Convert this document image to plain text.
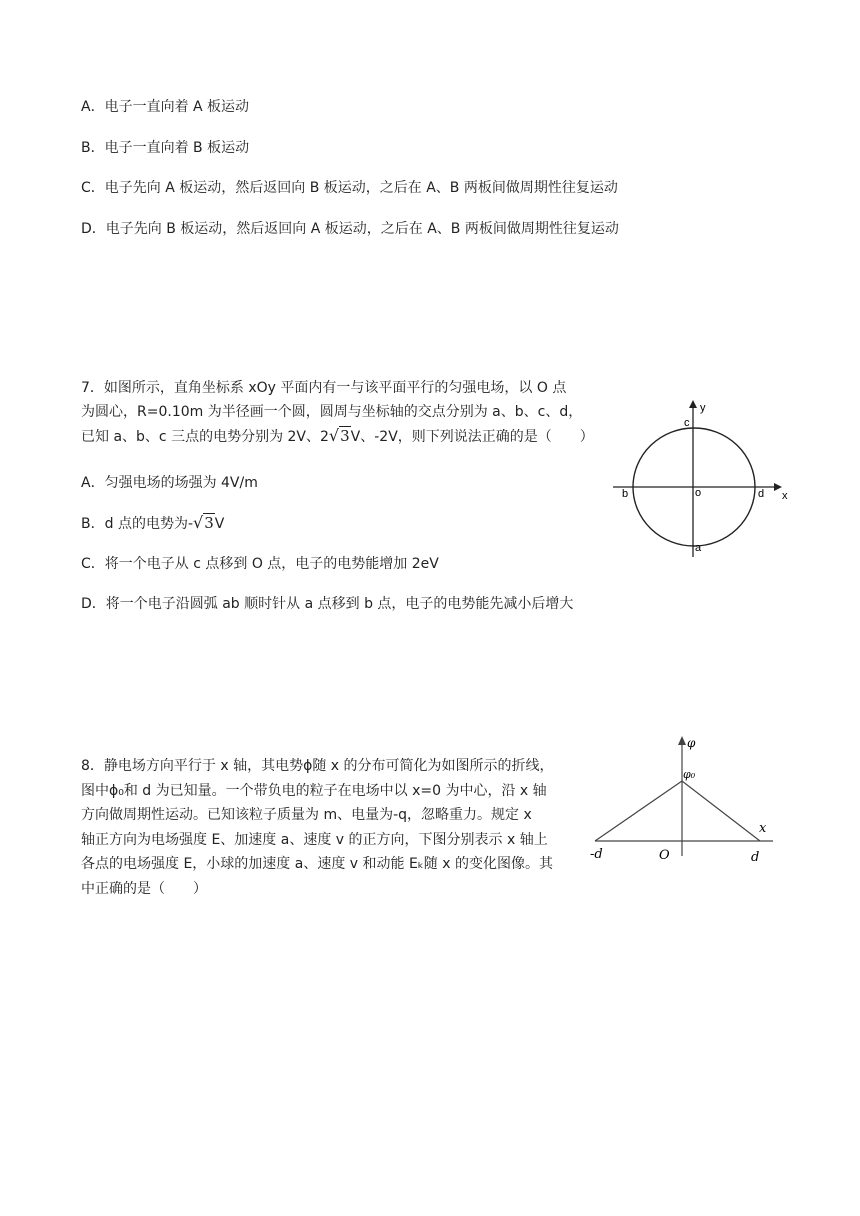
A．电子一直向着 A 板运动
B．电子一直向着 B 板运动
C．电子先向 A 板运动，然后返回向 B 板运动，之后在 A、B 两板间做周期性往复运动
D．电子先向 B 板运动，然后返回向 A 板运动，之后在 A、B 两板间做周期性往复运动

7．如图所示，直角坐标系 xOy 平面内有一与该平面平行的匀强电场，以 O 点

为圆心，R=0.10m 为半径画一个圆，圆周与坐标轴的交点分别为 a、b、c、d，

已知 a、b、c 三点的电势分别为 2V、2√3V、-2V，则下列说法正确的是（　　）

A．匀强电场的场强为 4V/m
B．d 点的电势为-√3V
C．将一个电子从 c 点移到 O 点，电子的电势能增加 2eV
D．将一个电子沿圆弧 ab 顺时针从 a 点移到 b 点，电子的电势能先减小后增大
y
x
o
c
b	d
a

8．静电场方向平行于 x 轴，其电势ϕ随 x 的分布可简化为如图所示的折线，

图中ϕ₀和 d 为已知量。一个带负电的粒子在电场中以 x=0 为中心，沿 x 轴

方向做周期性运动。已知该粒子质量为 m、电量为-q，忽略重力。规定 x

轴正方向为电场强度 E、加速度 a、速度 v 的正方向，下图分别表示 x 轴上

各点的电场强度 E，小球的加速度 a、速度 v 和动能 Eₖ随 x 的变化图像。其

中正确的是（　　）

φ
φ₀
x
-d	O	d
